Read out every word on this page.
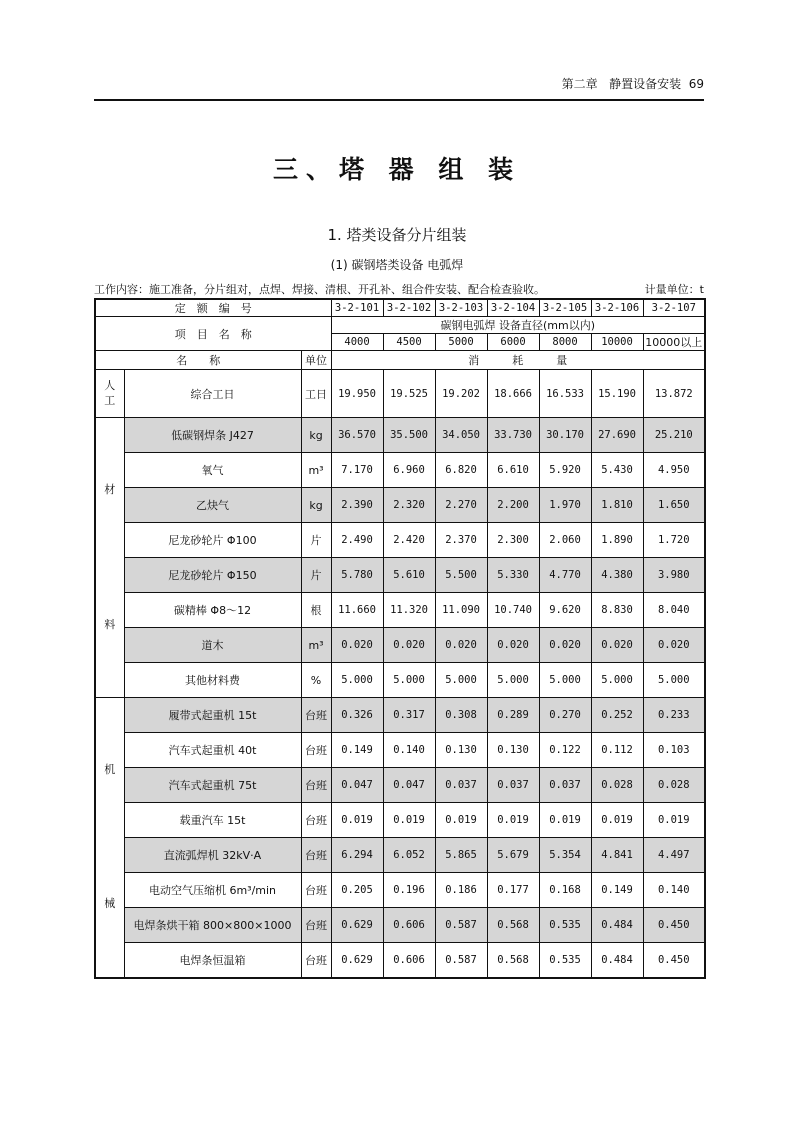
第二章 静置设备安装 69
三、塔 器 组 装
1. 塔类设备分片组装
(1) 碳钢塔类设备 电弧焊
工作内容：施工准备，分片组对，点焊、焊接、清根、开孔补、组合件安装、配合检查验收。	计量单位：t
定　额　编　号			3-2-101	3-2-102	3-2-103	3-2-104	3-2-105	3-2-106	3-2-107
项　目　名　称			碳钢电弧焊 设备直径(mm以内)						
			4000	4500	5000	6000	8000	10000	10000以上
名　　称		单位	消　　　耗　　　量						

人
工	综合工日	工日	19.950	19.525	19.202	18.666	16.533	15.190	13.872

材
料	低碳钢焊条 J427	kg	36.570	35.500	34.050	33.730	30.170	27.690	25.210
	氧气	m³	7.170	6.960	6.820	6.610	5.920	5.430	4.950
	乙炔气	kg	2.390	2.320	2.270	2.200	1.970	1.810	1.650
	尼龙砂轮片 Φ100	片	2.490	2.420	2.370	2.300	2.060	1.890	1.720
	尼龙砂轮片 Φ150	片	5.780	5.610	5.500	5.330	4.770	4.380	3.980
	碳精棒 Φ8～12	根	11.660	11.320	11.090	10.740	9.620	8.830	8.040
	道木	m³	0.020	0.020	0.020	0.020	0.020	0.020	0.020
	其他材料费	%	5.000	5.000	5.000	5.000	5.000	5.000	5.000

机
械	履带式起重机 15t	台班	0.326	0.317	0.308	0.289	0.270	0.252	0.233
	汽车式起重机 40t	台班	0.149	0.140	0.130	0.130	0.122	0.112	0.103
	汽车式起重机 75t	台班	0.047	0.047	0.037	0.037	0.037	0.028	0.028
	载重汽车 15t	台班	0.019	0.019	0.019	0.019	0.019	0.019	0.019
	直流弧焊机 32kV·A	台班	6.294	6.052	5.865	5.679	5.354	4.841	4.497
	电动空气压缩机 6m³/min	台班	0.205	0.196	0.186	0.177	0.168	0.149	0.140
	电焊条烘干箱 800×800×1000	台班	0.629	0.606	0.587	0.568	0.535	0.484	0.450
	电焊条恒温箱	台班	0.629	0.606	0.587	0.568	0.535	0.484	0.450
